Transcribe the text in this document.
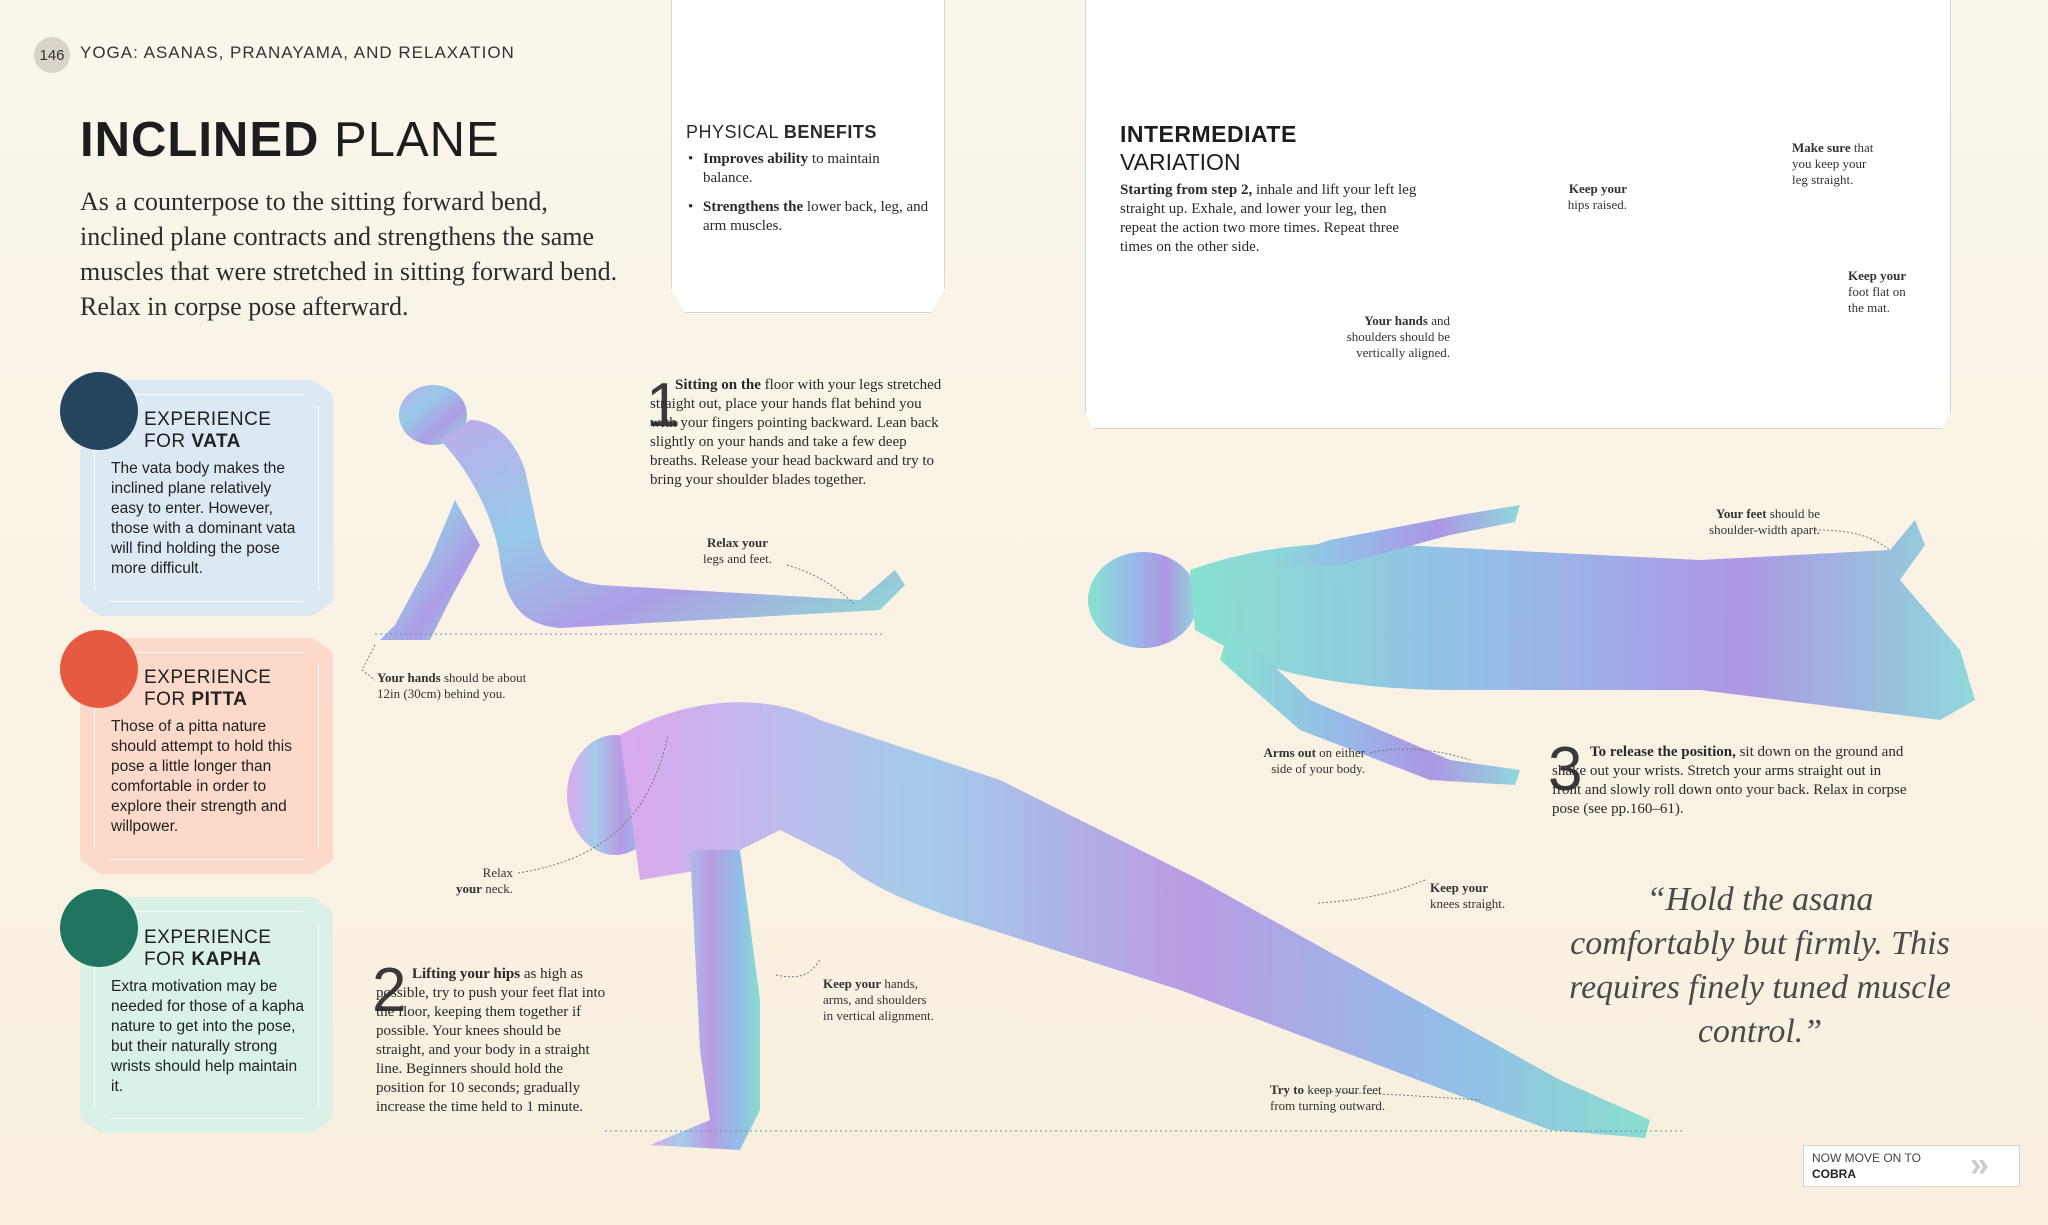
146 YOGA: ASANAS, PRANAYAMA, AND RELAXATION
INCLINED PLANE
As a counterpose to the sitting forward bend, inclined plane contracts and strengthens the same muscles that were stretched in sitting forward bend. Relax in corpse pose afterward.
PHYSICAL BENEFITS
• Improves ability to maintain balance.
• Strengthens the lower back, leg, and arm muscles.
INTERMEDIATE
VARIATION
Starting from step 2, inhale and lift your left leg straight up. Exhale, and lower your leg, then repeat the action two more times. Repeat three times on the other side.
Keep your
hips raised.
Make sure that
you keep your
leg straight.
Keep your
foot flat on
the mat.
Your hands and
shoulders should be
vertically aligned.
EXPERIENCE
FOR VATA
The vata body makes the inclined plane relatively easy to enter. However, those with a dominant vata will find holding the pose more difficult.
EXPERIENCE
FOR PITTA
Those of a pitta nature should attempt to hold this pose a little longer than comfortable in order to explore their strength and willpower.
EXPERIENCE
FOR KAPHA
Extra motivation may be needed for those of a kapha nature to get into the pose, but their naturally strong wrists should help maintain it.
1
Sitting on the floor with your legs stretched straight out, place your hands flat behind you with your fingers pointing backward. Lean back slightly on your hands and take a few deep breaths. Release your head backward and try to bring your shoulder blades together.
Relax your
legs and feet.
Your hands should be about
12in (30cm) behind you.
2 Lifting your hips as high as possible, try to push your feet flat into the floor, keeping them together if possible. Your knees should be straight, and your body in a straight line. Beginners should hold the position for 10 seconds; gradually increase the time held to 1 minute.
Relax
your neck.
Keep your hands,
arms, and shoulders
in vertical alignment.
Keep your
knees straight.
Try to keep your feet
from turning outward.
Your feet should be
shoulder-width apart.
Arms out on either
side of your body.	3 To release the position, sit down on the ground and shake out your wrists. Stretch your arms straight out in front and slowly roll down onto your back. Relax in corpse pose (see pp.160–61).
“Hold the asana comfortably but firmly. This requires finely tuned muscle control.”
NOW MOVE ON TO
COBRA	»
